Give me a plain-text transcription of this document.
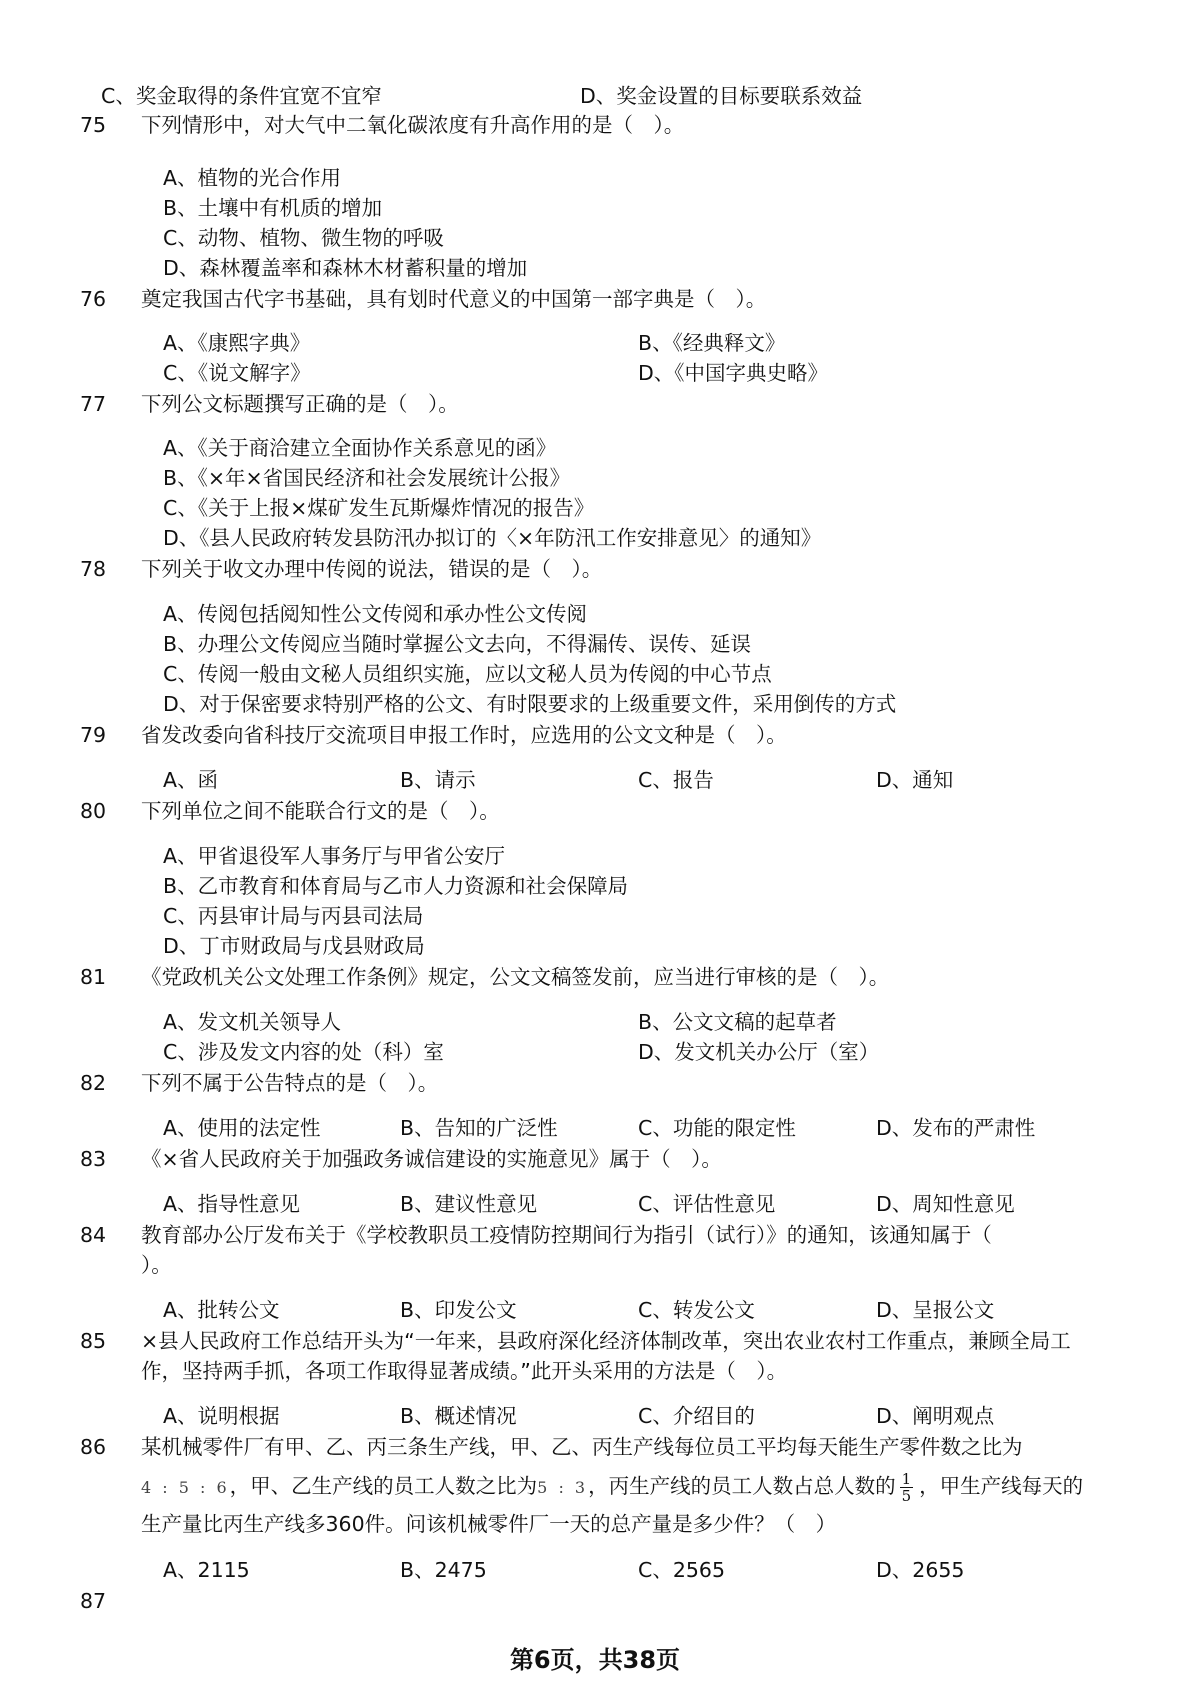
C、奖金取得的条件宜宽不宜窄	D、奖金设置的目标要联系效益
75	下列情形中，对大气中二氧化碳浓度有升高作用的是（　）。
A、植物的光合作用
B、土壤中有机质的增加
C、动物、植物、微生物的呼吸
D、森林覆盖率和森林木材蓄积量的增加
76	奠定我国古代字书基础，具有划时代意义的中国第一部字典是（　）。
A、《康熙字典》	B、《经典释文》
C、《说文解字》	D、《中国字典史略》
77	下列公文标题撰写正确的是（　）。
A、《关于商洽建立全面协作关系意见的函》
B、《×年×省国民经济和社会发展统计公报》
C、《关于上报×煤矿发生瓦斯爆炸情况的报告》
D、《县人民政府转发县防汛办拟订的〈×年防汛工作安排意见〉的通知》
78	下列关于收文办理中传阅的说法，错误的是（　）。
A、传阅包括阅知性公文传阅和承办性公文传阅
B、办理公文传阅应当随时掌握公文去向，不得漏传、误传、延误
C、传阅一般由文秘人员组织实施，应以文秘人员为传阅的中心节点
D、对于保密要求特别严格的公文、有时限要求的上级重要文件，采用倒传的方式
79	省发改委向省科技厅交流项目申报工作时，应选用的公文文种是（　）。
A、函	B、请示	C、报告	D、通知
80	下列单位之间不能联合行文的是（　）。
A、甲省退役军人事务厅与甲省公安厅
B、乙市教育和体育局与乙市人力资源和社会保障局
C、丙县审计局与丙县司法局
D、丁市财政局与戊县财政局
81	《党政机关公文处理工作条例》规定，公文文稿签发前，应当进行审核的是（　）。
A、发文机关领导人	B、公文文稿的起草者
C、涉及发文内容的处（科）室	D、发文机关办公厅（室）
82	下列不属于公告特点的是（　）。
A、使用的法定性	B、告知的广泛性	C、功能的限定性	D、发布的严肃性
83	《×省人民政府关于加强政务诚信建设的实施意见》属于（　）。
A、指导性意见	B、建议性意见	C、评估性意见	D、周知性意见
84	教育部办公厅发布关于《学校教职员工疫情防控期间行为指引（试行）》的通知，该通知属于（
）。
A、批转公文	B、印发公文	C、转发公文	D、呈报公文
85	×县人民政府工作总结开头为“一年来，县政府深化经济体制改革，突出农业农村工作重点，兼顾全局工
作，坚持两手抓，各项工作取得显著成绩。”此开头采用的方法是（　）。
A、说明根据	B、概述情况	C、介绍目的	D、阐明观点
86	某机械零件厂有甲、乙、丙三条生产线，甲、乙、丙生产线每位员工平均每天能生产零件数之比为
4 : 5 : 6，甲、乙生产线的员工人数之比为5 : 3，丙生产线的员工人数占总人数的 $\frac{1}{5}$ ，甲生产线每天的
生产量比丙生产线多360件。问该机械零件厂一天的总产量是多少件？（　）
A、2115	B、2475	C、2565	D、2655
87
第6页，共38页
